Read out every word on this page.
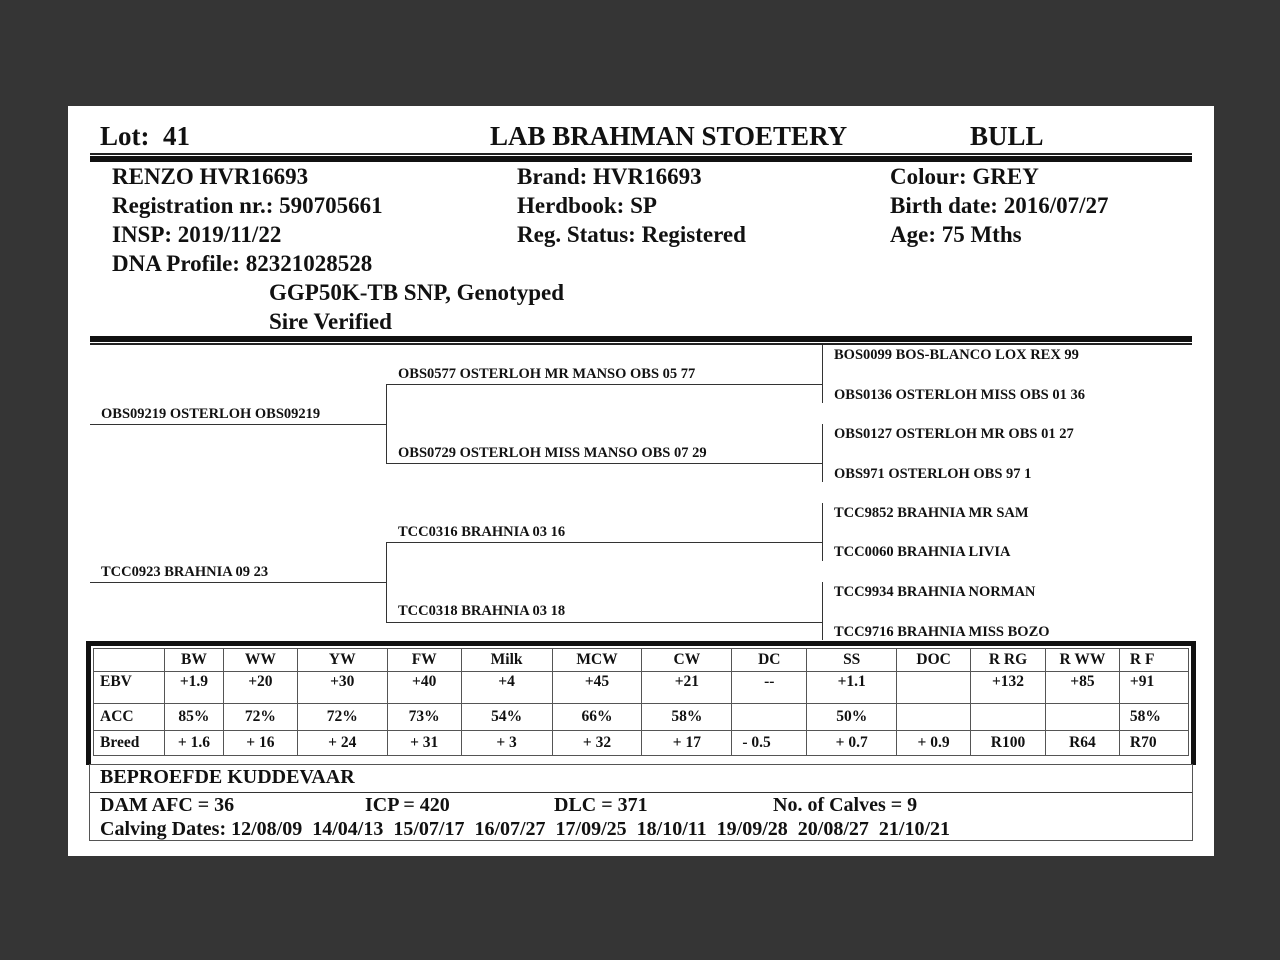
Lot: 41	LAB BRAHMAN STOETERY	BULL
RENZO HVR16693
Registration nr.: 590705661
INSP: 2019/11/22
DNA Profile: 82321028528
GGP50K-TB SNP, Genotyped
Sire Verified
Brand: HVR16693
Herdbook: SP
Reg. Status: Registered
Colour: GREY
Birth date: 2016/07/27
Age: 75 Mths
OBS09219 OSTERLOH OBS09219
TCC0923 BRAHNIA 09 23
OBS0577 OSTERLOH MR MANSO OBS 05 77
OBS0729 OSTERLOH MISS MANSO OBS 07 29
TCC0316 BRAHNIA 03 16
TCC0318 BRAHNIA 03 18
BOS0099 BOS-BLANCO LOX REX 99
OBS0136 OSTERLOH MISS OBS 01 36
OBS0127 OSTERLOH MR OBS 01 27
OBS971 OSTERLOH OBS 97 1
TCC9852 BRAHNIA MR SAM
TCC0060 BRAHNIA LIVIA
TCC9934 BRAHNIA NORMAN
TCC9716 BRAHNIA MISS BOZO
	BW	WW	YW	FW	Milk	MCW	CW	DC	SS	DOC	R RG	R WW	R F
EBV	+1.9	+20	+30	+40	+4	+45	+21	--	+1.1		+132	+85	+91
ACC	85%	72%	72%	73%	54%	66%	58%		50%				58%
Breed	+ 1.6	+ 16	+ 24	+ 31	+ 3	+ 32	+ 17	- 0.5	+ 0.7	+ 0.9	R100	R64	R70
BEPROEFDE KUDDEVAAR
DAM AFC = 36	ICP = 420	DLC = 371	No. of Calves = 9
Calving Dates: 12/08/09  14/04/13  15/07/17  16/07/27  17/09/25  18/10/11  19/09/28  20/08/27  21/10/21
